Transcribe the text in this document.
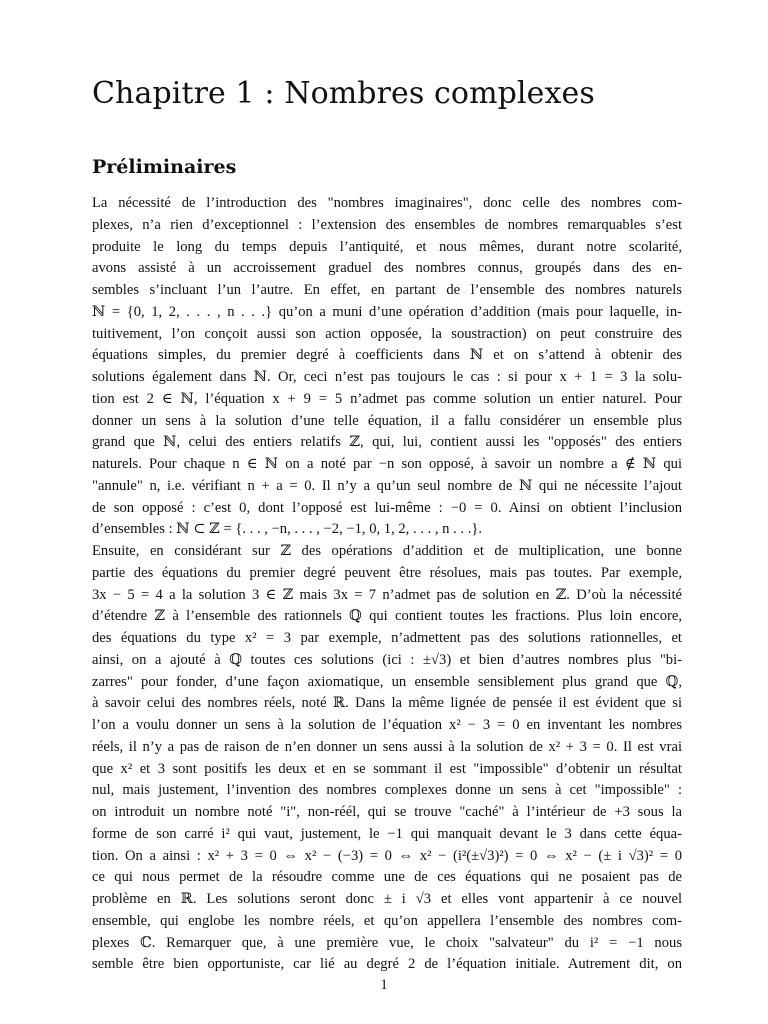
Chapitre 1 : Nombres complexes
Préliminaires
La nécessité de l’introduction des "nombres imaginaires", donc celle des nombres com-
plexes, n’a rien d’exceptionnel : l’extension des ensembles de nombres remarquables s’est
produite le long du temps depuis l’antiquité, et nous mêmes, durant notre scolarité,
avons assisté à un accroissement graduel des nombres connus, groupés dans des en-
sembles s’incluant l’un l’autre. En effet, en partant de l’ensemble des nombres naturels
ℕ = {0, 1, 2, . . . , n . . .} qu’on a muni d’une opération d’addition (mais pour laquelle, in-
tuitivement, l’on conçoit aussi son action opposée, la soustraction) on peut construire des
équations simples, du premier degré à coefficients dans ℕ et on s’attend à obtenir des
solutions également dans ℕ. Or, ceci n’est pas toujours le cas : si pour x + 1 = 3 la solu-
tion est 2 ∈ ℕ, l’équation x + 9 = 5 n’admet pas comme solution un entier naturel. Pour
donner un sens à la solution d’une telle équation, il a fallu considérer un ensemble plus
grand que ℕ, celui des entiers relatifs ℤ, qui, lui, contient aussi les "opposés" des entiers
naturels. Pour chaque n ∈ ℕ on a noté par −n son opposé, à savoir un nombre a ∉ ℕ qui
"annule" n, i.e. vérifiant n + a = 0. Il n’y a qu’un seul nombre de ℕ qui ne nécessite l’ajout
de son opposé : c’est 0, dont l’opposé est lui-même : −0 = 0. Ainsi on obtient l’inclusion
d’ensembles : ℕ ⊂ ℤ = {. . . , −n, . . . , −2, −1, 0, 1, 2, . . . , n . . .}.
Ensuite, en considérant sur ℤ des opérations d’addition et de multiplication, une bonne
partie des équations du premier degré peuvent être résolues, mais pas toutes. Par exemple,
3x − 5 = 4 a la solution 3 ∈ ℤ mais 3x = 7 n’admet pas de solution en ℤ. D’où la nécessité
d’étendre ℤ à l’ensemble des rationnels ℚ qui contient toutes les fractions. Plus loin encore,
des équations du type x² = 3 par exemple, n’admettent pas des solutions rationnelles, et
ainsi, on a ajouté à ℚ toutes ces solutions (ici : ±√3) et bien d’autres nombres plus "bi-
zarres" pour fonder, d’une façon axiomatique, un ensemble sensiblement plus grand que ℚ,
à savoir celui des nombres réels, noté ℝ. Dans la même lignée de pensée il est évident que si
l’on a voulu donner un sens à la solution de l’équation x² − 3 = 0 en inventant les nombres
réels, il n’y a pas de raison de n’en donner un sens aussi à la solution de x² + 3 = 0. Il est vrai
que x² et 3 sont positifs les deux et en se sommant il est "impossible" d’obtenir un résultat
nul, mais justement, l’invention des nombres complexes donne un sens à cet "impossible" :
on introduit un nombre noté "i", non-réél, qui se trouve "caché" à l’intérieur de +3 sous la
forme de son carré i² qui vaut, justement, le −1 qui manquait devant le 3 dans cette équa-
tion. On a ainsi : x² + 3 = 0 ⇔ x² − (−3) = 0 ⇔ x² − (i²(±√3)²) = 0 ⇔ x² − (± i √3)² = 0
ce qui nous permet de la résoudre comme une de ces équations qui ne posaient pas de
problème en ℝ. Les solutions seront donc ± i √3 et elles vont appartenir à ce nouvel
ensemble, qui englobe les nombre réels, et qu’on appellera l’ensemble des nombres com-
plexes ℂ. Remarquer que, à une première vue, le choix "salvateur" du i² = −1 nous
semble être bien opportuniste, car lié au degré 2 de l’équation initiale. Autrement dit, on
1
